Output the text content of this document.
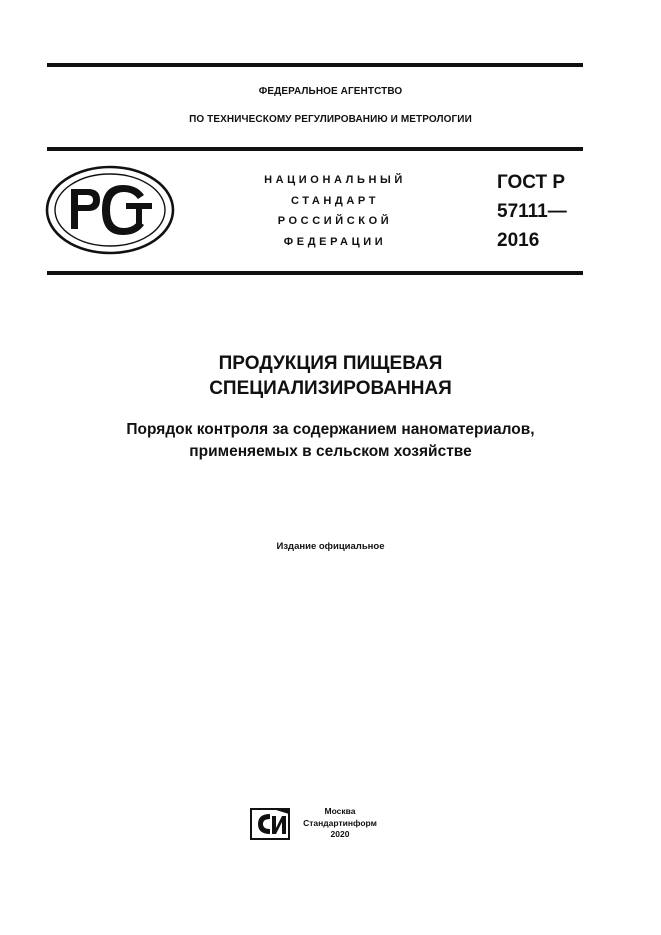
ФЕДЕРАЛЬНОЕ АГЕНТСТВО
ПО ТЕХНИЧЕСКОМУ РЕГУЛИРОВАНИЮ И МЕТРОЛОГИИ
НАЦИОНАЛЬНЫЙ
СТАНДАРТ
РОССИЙСКОЙ
ФЕДЕРАЦИИ
ГОСТ Р
57111—
2016
ПРОДУКЦИЯ ПИЩЕВАЯ
СПЕЦИАЛИЗИРОВАННАЯ
Порядок контроля за содержанием наноматериалов,
применяемых в сельском хозяйстве
Издание официальное
Москва
Стандартинформ
2020
